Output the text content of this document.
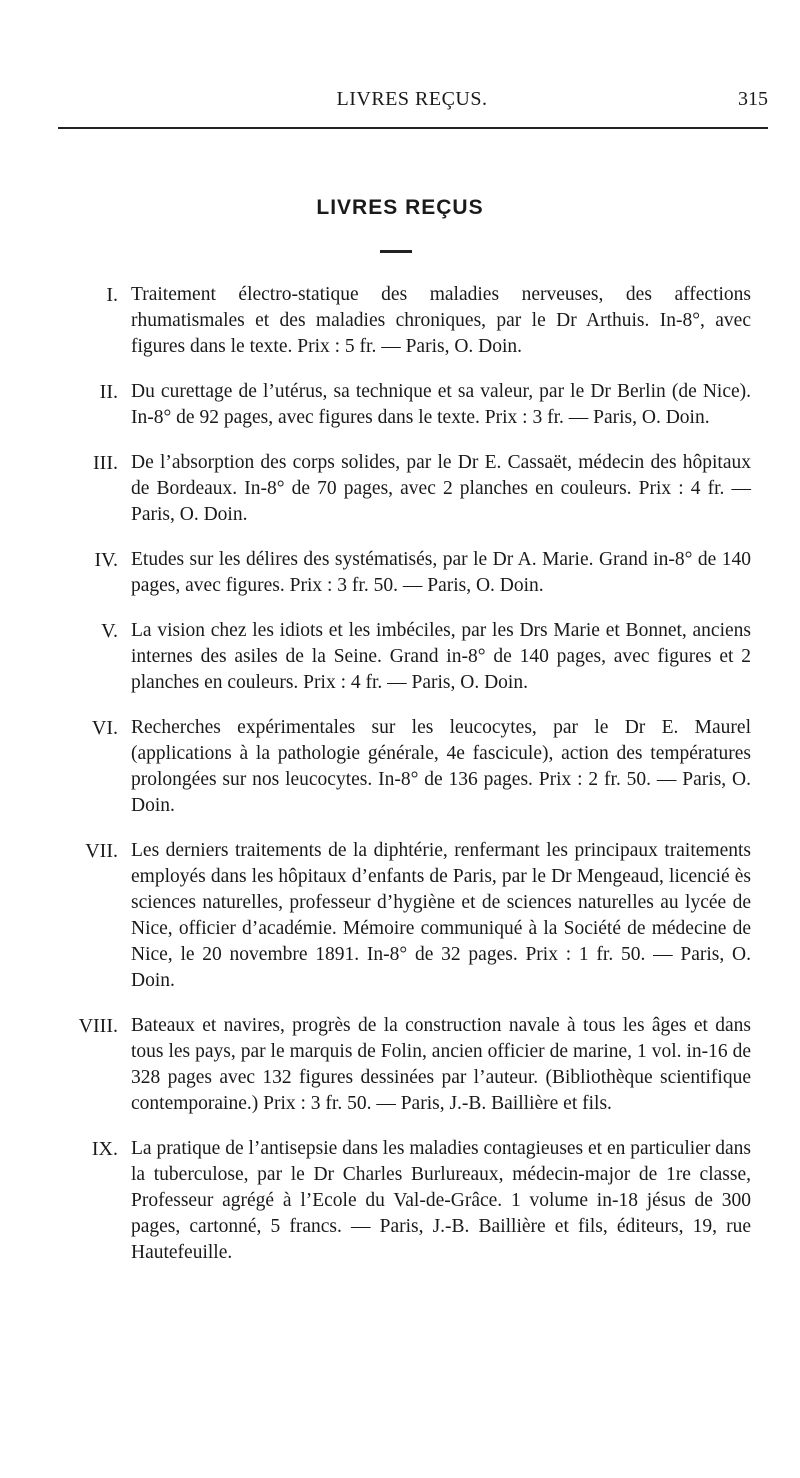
LIVRES REÇUS.	315
LIVRES REÇUS
I. Traitement électro-statique des maladies nerveuses, des affections rhumatismales et des maladies chroniques, par le Dr Arthuis. In-8°, avec figures dans le texte. Prix : 5 fr. — Paris, O. Doin.
II. Du curettage de l’utérus, sa technique et sa valeur, par le Dr Berlin (de Nice). In-8° de 92 pages, avec figures dans le texte. Prix : 3 fr. — Paris, O. Doin.
III. De l’absorption des corps solides, par le Dr E. Cassaët, médecin des hôpitaux de Bordeaux. In-8° de 70 pages, avec 2 planches en couleurs. Prix : 4 fr. — Paris, O. Doin.
IV. Etudes sur les délires des systématisés, par le Dr A. Marie. Grand in-8° de 140 pages, avec figures. Prix : 3 fr. 50. — Paris, O. Doin.
V. La vision chez les idiots et les imbéciles, par les Drs Marie et Bonnet, anciens internes des asiles de la Seine. Grand in-8° de 140 pages, avec figures et 2 planches en couleurs. Prix : 4 fr. — Paris, O. Doin.
VI. Recherches expérimentales sur les leucocytes, par le Dr E. Maurel (applications à la pathologie générale, 4e fascicule), action des températures prolongées sur nos leucocytes. In-8° de 136 pages. Prix : 2 fr. 50. — Paris, O. Doin.
VII. Les derniers traitements de la diphtérie, renfermant les principaux traitements employés dans les hôpitaux d’enfants de Paris, par le Dr Mengeaud, licencié ès sciences naturelles, professeur d’hygiène et de sciences naturelles au lycée de Nice, officier d’académie. Mémoire communiqué à la Société de médecine de Nice, le 20 novembre 1891. In-8° de 32 pages. Prix : 1 fr. 50. — Paris, O. Doin.
VIII. Bateaux et navires, progrès de la construction navale à tous les âges et dans tous les pays, par le marquis de Folin, ancien officier de marine, 1 vol. in-16 de 328 pages avec 132 figures dessinées par l’auteur. (Bibliothèque scientifique contemporaine.) Prix : 3 fr. 50. — Paris, J.-B. Baillière et fils.
IX. La pratique de l’antisepsie dans les maladies contagieuses et en particulier dans la tuberculose, par le Dr Charles Burlureaux, médecin-major de 1re classe, Professeur agrégé à l’Ecole du Val-de-Grâce. 1 volume in-18 jésus de 300 pages, cartonné, 5 francs. — Paris, J.-B. Baillière et fils, éditeurs, 19, rue Hautefeuille.
